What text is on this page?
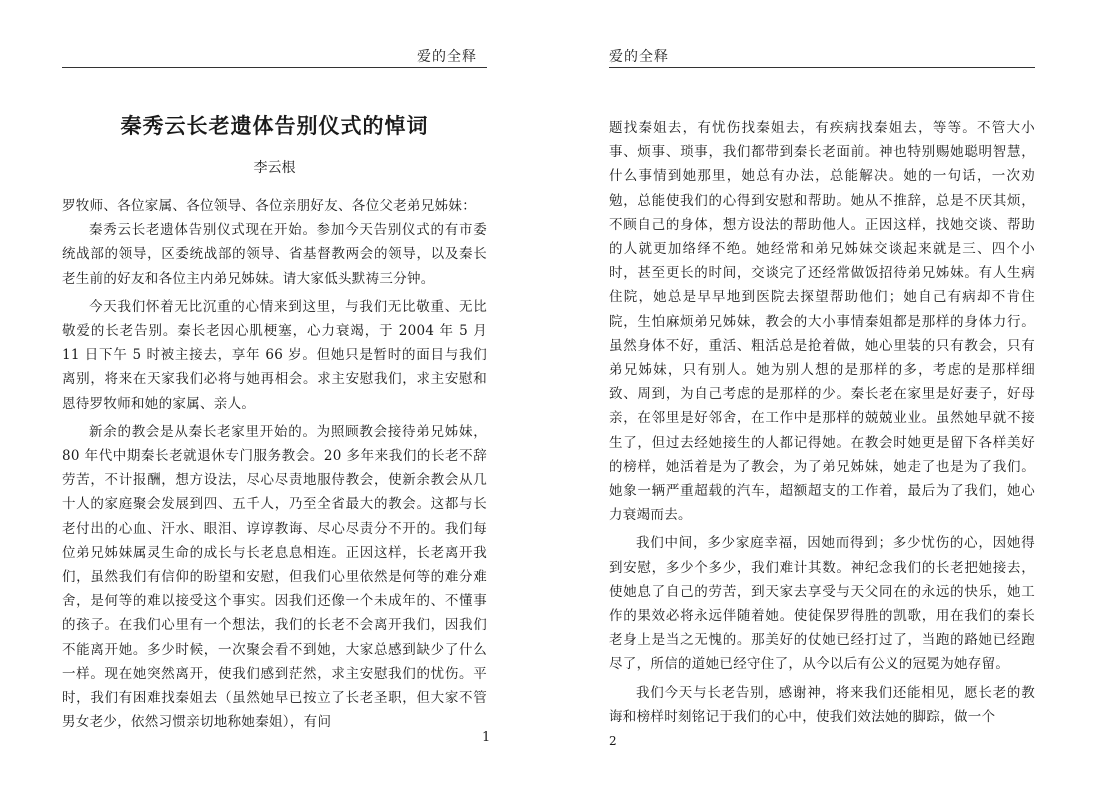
爱的全释
秦秀云长老遗体告别仪式的悼词
李云根

罗牧师、各位家属、各位领导、各位亲朋好友、各位父老弟兄姊妹：

秦秀云长老遗体告别仪式现在开始。参加今天告别仪式的有市委统战部的领导，区委统战部的领导、省基督教两会的领导，以及秦长老生前的好友和各位主内弟兄姊妹。请大家低头默祷三分钟。

今天我们怀着无比沉重的心情来到这里，与我们无比敬重、无比敬爱的长老告别。秦长老因心肌梗塞，心力衰竭，于 2004 年 5 月 11 日下午 5 时被主接去，享年 66 岁。但她只是暂时的面目与我们离别，将来在天家我们必将与她再相会。求主安慰我们，求主安慰和恩待罗牧师和她的家属、亲人。

新余的教会是从秦长老家里开始的。为照顾教会接待弟兄姊妹，80 年代中期秦长老就退休专门服务教会。20 多年来我们的长老不辞劳苦，不计报酬，想方设法，尽心尽责地服侍教会，使新余教会从几十人的家庭聚会发展到四、五千人，乃至全省最大的教会。这都与长老付出的心血、汗水、眼泪、谆谆教诲、尽心尽责分不开的。我们每位弟兄姊妹属灵生命的成长与长老息息相连。正因这样，长老离开我们，虽然我们有信仰的盼望和安慰，但我们心里依然是何等的难分难舍，是何等的难以接受这个事实。因我们还像一个未成年的、不懂事的孩子。在我们心里有一个想法，我们的长老不会离开我们，因我们不能离开她。多少时候，一次聚会看不到她，大家总感到缺少了什么一样。现在她突然离开，使我们感到茫然，求主安慰我们的忧伤。平时，我们有困难找秦姐去（虽然她早已按立了长老圣职，但大家不管男女老少，依然习惯亲切地称她秦姐），有问

1
爱的全释

题找秦姐去，有忧伤找秦姐去，有疾病找秦姐去，等等。不管大小事、烦事、琐事，我们都带到秦长老面前。神也特别赐她聪明智慧，什么事情到她那里，她总有办法，总能解决。她的一句话，一次劝勉，总能使我们的心得到安慰和帮助。她从不推辞，总是不厌其烦，不顾自己的身体，想方设法的帮助他人。正因这样，找她交谈、帮助的人就更加络绎不绝。她经常和弟兄姊妹交谈起来就是三、四个小时，甚至更长的时间，交谈完了还经常做饭招待弟兄姊妹。有人生病住院，她总是早早地到医院去探望帮助他们；她自己有病却不肯住院，生怕麻烦弟兄姊妹，教会的大小事情秦姐都是那样的身体力行。虽然身体不好，重活、粗活总是抢着做，她心里装的只有教会，只有弟兄姊妹，只有别人。她为别人想的是那样的多，考虑的是那样细致、周到，为自己考虑的是那样的少。秦长老在家里是好妻子，好母亲，在邻里是好邻舍，在工作中是那样的兢兢业业。虽然她早就不接生了，但过去经她接生的人都记得她。在教会时她更是留下各样美好的榜样，她活着是为了教会，为了弟兄姊妹，她走了也是为了我们。她象一辆严重超载的汽车，超额超支的工作着，最后为了我们，她心力衰竭而去。

我们中间，多少家庭幸福，因她而得到；多少忧伤的心，因她得到安慰，多少个多少，我们难计其数。神纪念我们的长老把她接去，使她息了自己的劳苦，到天家去享受与天父同在的永远的快乐，她工作的果效必将永远伴随着她。使徒保罗得胜的凯歌，用在我们的秦长老身上是当之无愧的。那美好的仗她已经打过了，当跑的路她已经跑尽了，所信的道她已经守住了，从今以后有公义的冠冕为她存留。

我们今天与长老告别，感谢神，将来我们还能相见，愿长老的教诲和榜样时刻铭记于我们的心中，使我们效法她的脚踪，做一个

2
